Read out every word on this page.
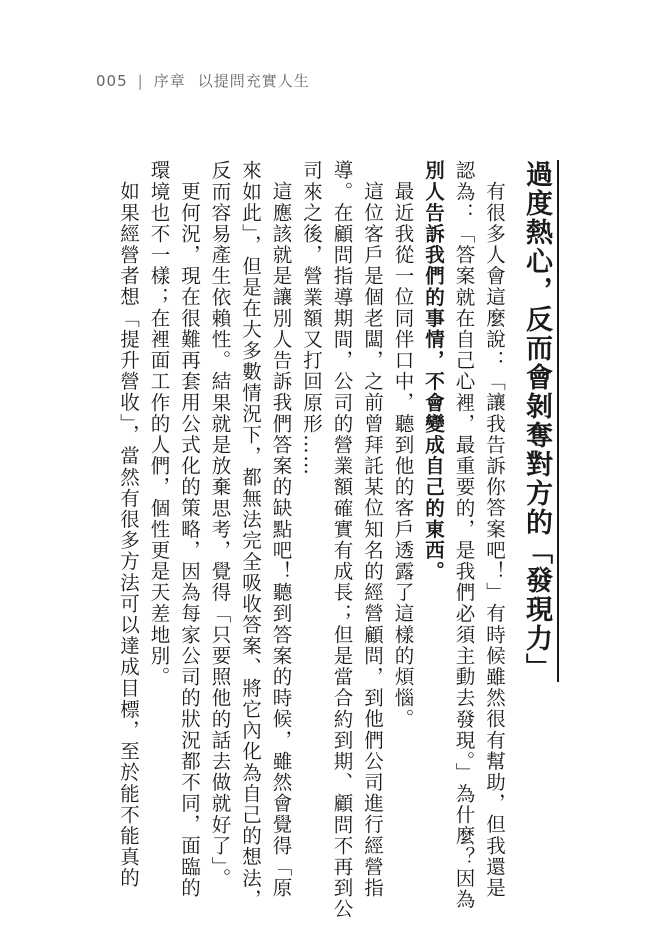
005 | 序章 以提問充實人生
過度熱心，反而會剝奪對方的「發現力」
有很多人會這麼說：「讓我告訴你答案吧！」有時候雖然很有幫助，但我還是
認為：「答案就在自己心裡，最重要的，是我們必須主動去發現。」為什麼？因為
別人告訴我們的事情，不會變成自己的東西。
最近我從一位同伴口中，聽到他的客戶透露了這樣的煩惱。
這位客戶是個老闆，之前曾拜託某位知名的經營顧問，到他們公司進行經營指
導。在顧問指導期間，公司的營業額確實有成長；但是當合約到期、顧問不再到公
司來之後，營業額又打回原形……
這應該就是讓別人告訴我們答案的缺點吧！聽到答案的時候，雖然會覺得「原
來如此」，但是在大多數情況下，都無法完全吸收答案、將它內化為自己的想法，
反而容易產生依賴性。結果就是放棄思考，覺得「只要照他的話去做就好了」。
更何況，現在很難再套用公式化的策略，因為每家公司的狀況都不同，面臨的
環境也不一樣；在裡面工作的人們，個性更是天差地別。
如果經營者想「提升營收」，當然有很多方法可以達成目標，至於能不能真的
